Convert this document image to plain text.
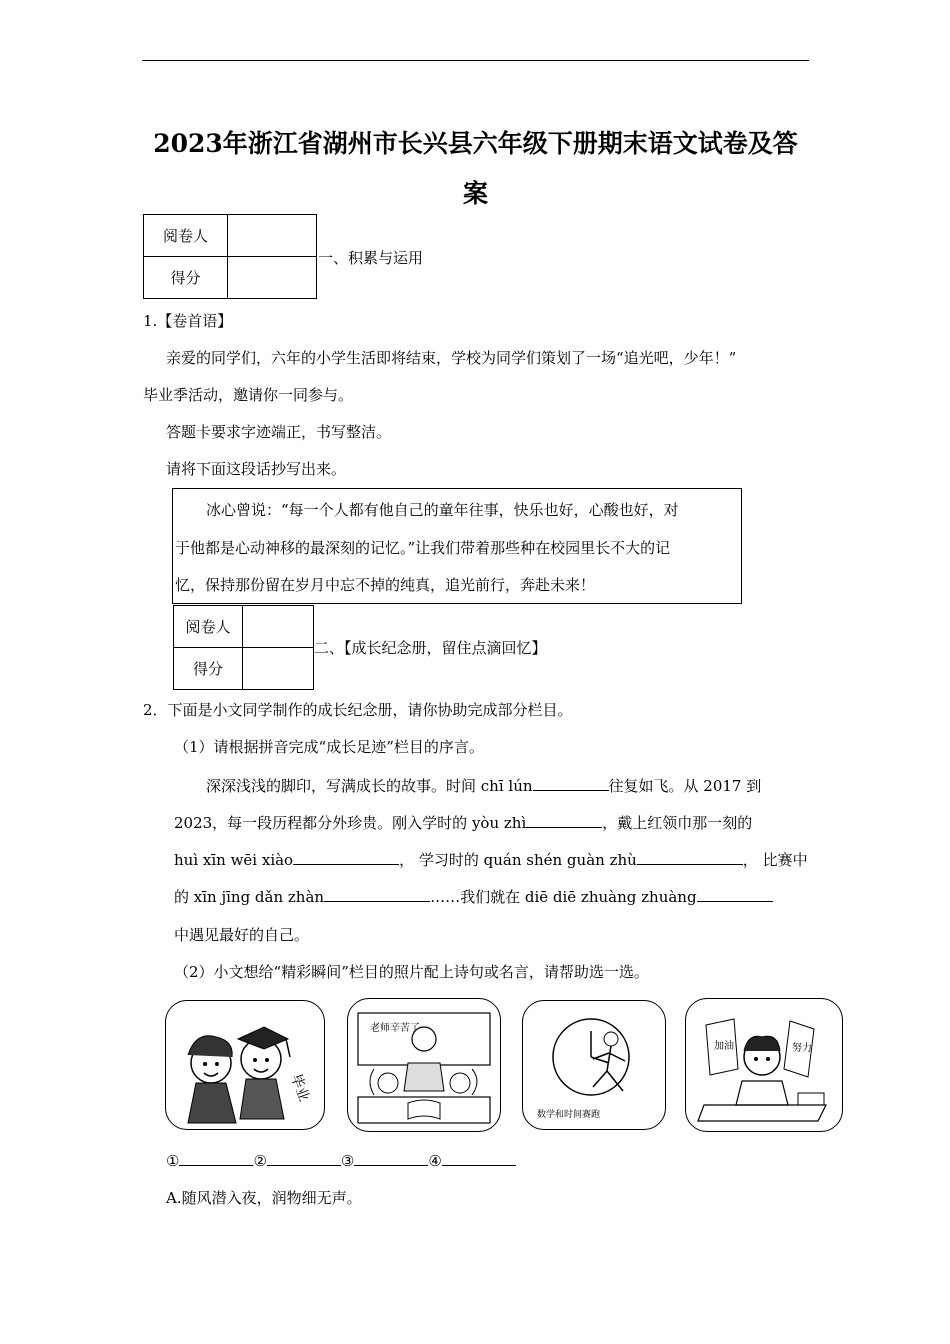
2023年浙江省湖州市长兴县六年级下册期末语文试卷及答
案
阅卷人	
得分	
一、积累与运用
1.【卷首语】
亲爱的同学们，六年的小学生活即将结束，学校为同学们策划了一场“追光吧，少年！”
毕业季活动，邀请你一同参与。
答题卡要求字迹端正，书写整洁。
请将下面这段话抄写出来。
冰心曾说：“每一个人都有他自己的童年往事，快乐也好，心酸也好，对
于他都是心动神移的最深刻的记忆。”让我们带着那些种在校园里长不大的记
忆，保持那份留在岁月中忘不掉的纯真，追光前行，奔赴未来！
阅卷人	
得分	
二、【成长纪念册，留住点滴回忆】
2．下面是小文同学制作的成长纪念册，请你协助完成部分栏目。
（1）请根据拼音完成“成长足迹”栏目的序言。
深深浅浅的脚印，写满成长的故事。时间 chī lún	往复如飞。从 2017 到
2023，每一段历程都分外珍贵。刚入学时的 yòu zhì	，戴上红领巾那一刻的
huì xīn wēi xiào	， 学习时的 quán shén guàn zhù	， 比赛中
的 xīn jīng dǎn zhàn	……我们就在 diē diē zhuàng zhuàng
中遇见最好的自己。
（2）小文想给“精彩瞬间”栏目的照片配上诗句或名言，请帮助选一选。
毕业
老师辛苦了
数学和时间赛跑
加油	努力
①	②	③	④
A.随风潜入夜，润物细无声。
